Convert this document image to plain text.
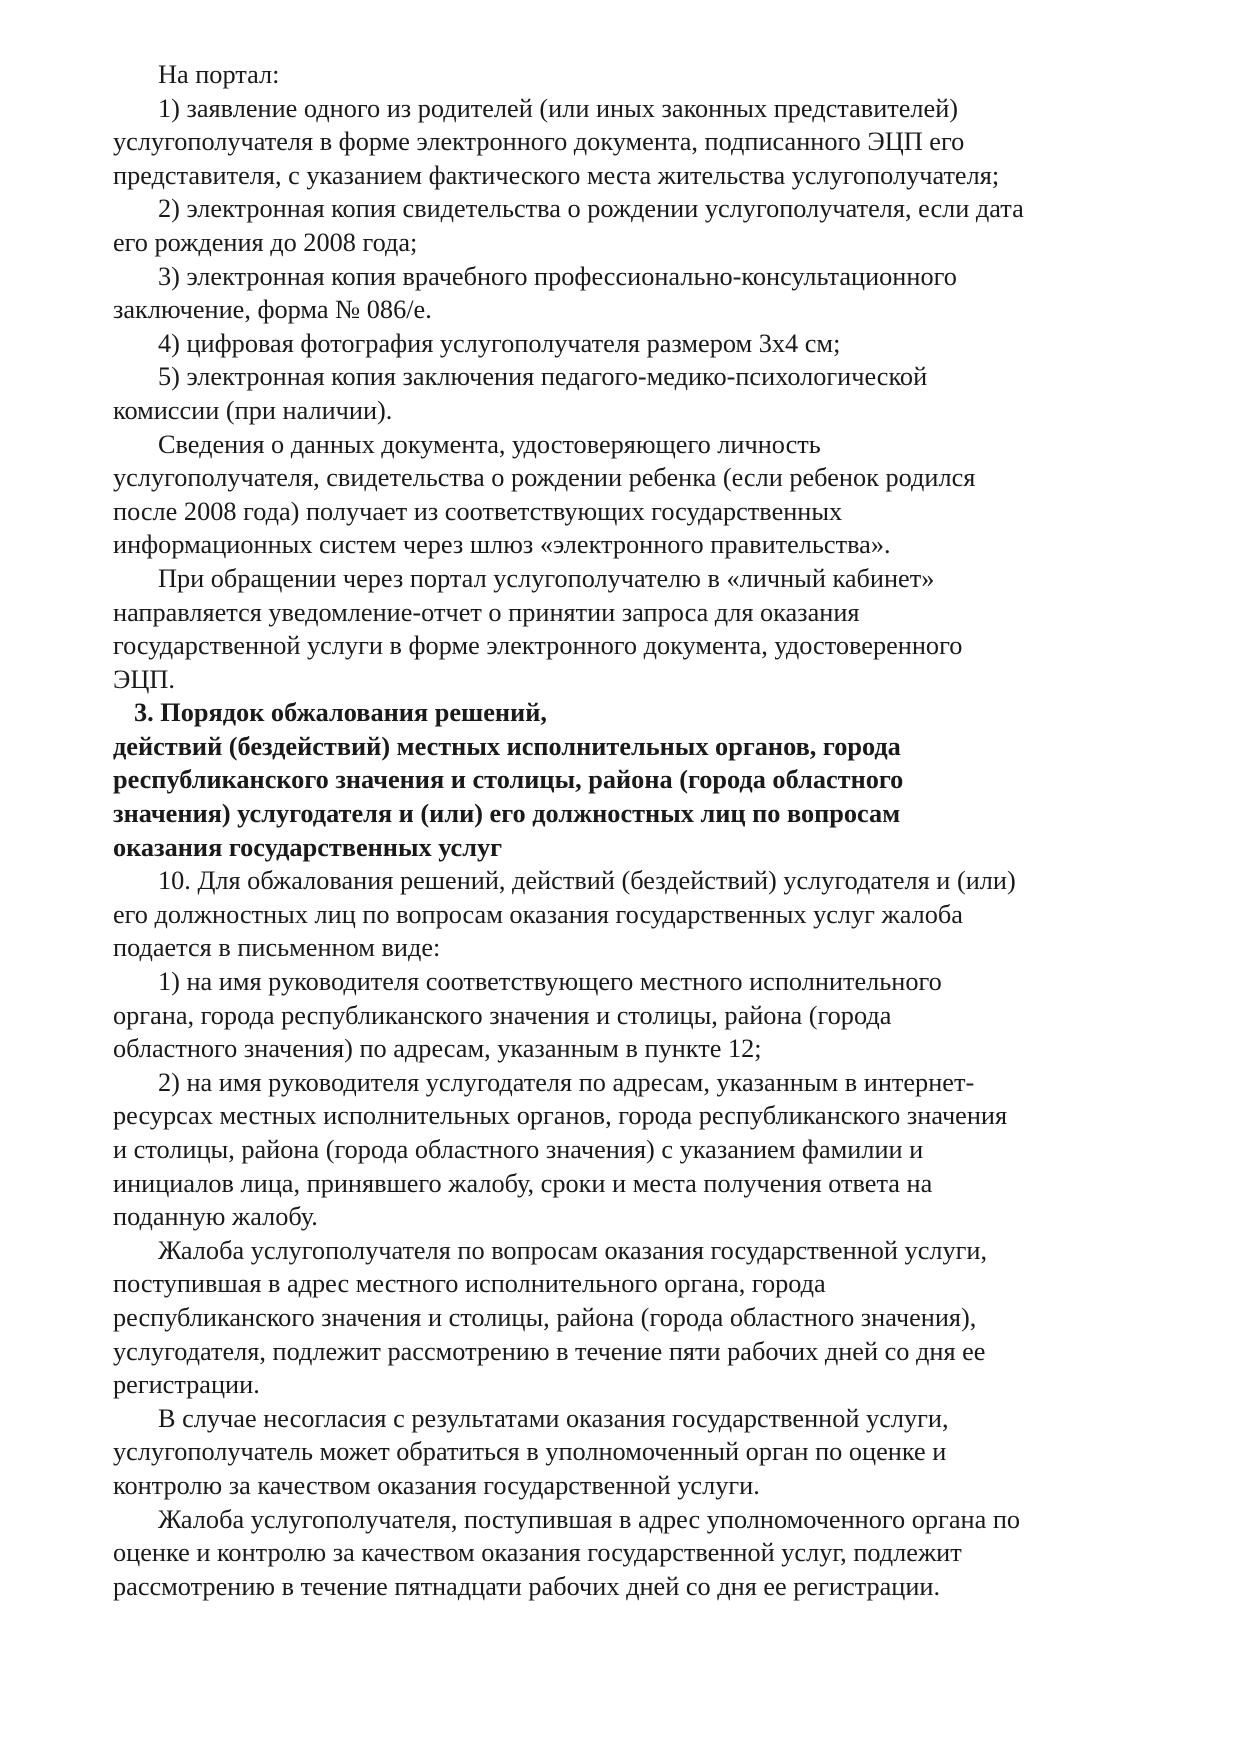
На портал:
1) заявление одного из родителей (или иных законных представителей)
услугополучателя в форме электронного документа, подписанного ЭЦП его
представителя, с указанием фактического места жительства услугополучателя;
2) электронная копия свидетельства о рождении услугополучателя, если дата
его рождения до 2008 года;
3) электронная копия врачебного профессионально-консультационного
заключение, форма № 086/е.
4) цифровая фотография услугополучателя размером 3х4 см;
5) электронная копия заключения педагого-медико-психологической
комиссии (при наличии).
Сведения о данных документа, удостоверяющего личность
услугополучателя, свидетельства о рождении ребенка (если ребенок родился
после 2008 года) получает из соответствующих государственных
информационных систем через шлюз «электронного правительства».
При обращении через портал услугополучателю в «личный кабинет»
направляется уведомление-отчет о принятии запроса для оказания
государственной услуги в форме электронного документа, удостоверенного
ЭЦП.
3. Порядок обжалования решений,
действий (бездействий) местных исполнительных органов, города
республиканского значения и столицы, района (города областного
значения) услугодателя и (или) его должностных лиц по вопросам
оказания государственных услуг
10. Для обжалования решений, действий (бездействий) услугодателя и (или)
его должностных лиц по вопросам оказания государственных услуг жалоба
подается в письменном виде:
1) на имя руководителя соответствующего местного исполнительного
органа, города республиканского значения и столицы, района (города
областного значения) по адресам, указанным в пункте 12;
2) на имя руководителя услугодателя по адресам, указанным в интернет-
ресурсах местных исполнительных органов, города республиканского значения
и столицы, района (города областного значения) с указанием фамилии и
инициалов лица, принявшего жалобу, сроки и места получения ответа на
поданную жалобу.
Жалоба услугополучателя по вопросам оказания государственной услуги,
поступившая в адрес местного исполнительного органа, города
республиканского значения и столицы, района (города областного значения),
услугодателя, подлежит рассмотрению в течение пяти рабочих дней со дня ее
регистрации.
В случае несогласия с результатами оказания государственной услуги,
услугополучатель может обратиться в уполномоченный орган по оценке и
контролю за качеством оказания государственной услуги.
Жалоба услугополучателя, поступившая в адрес уполномоченного органа по
оценке и контролю за качеством оказания государственной услуг, подлежит
рассмотрению в течение пятнадцати рабочих дней со дня ее регистрации.
